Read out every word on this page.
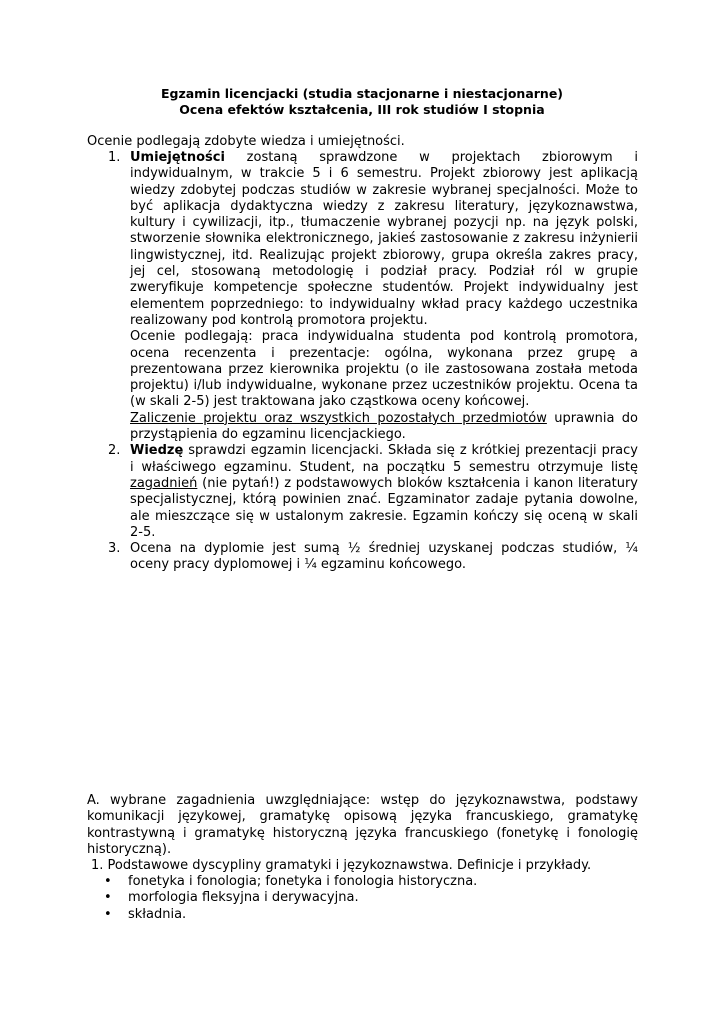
Egzamin licencjacki (studia stacjonarne i niestacjonarne)
Ocena efektów kształcenia, III rok studiów I stopnia
Ocenie podlegają zdobyte wiedza i umiejętności.
1. Umiejętności zostaną sprawdzone w projektach zbiorowym i indywidualnym, w trakcie 5 i 6 semestru. Projekt zbiorowy jest aplikacją wiedzy zdobytej podczas studiów w zakresie wybranej specjalności. Może to być aplikacja dydaktyczna wiedzy z zakresu literatury, językoznawstwa, kultury i cywilizacji, itp., tłumaczenie wybranej pozycji np. na język polski, stworzenie słownika elektronicznego, jakieś zastosowanie z zakresu inżynierii lingwistycznej, itd. Realizując projekt zbiorowy, grupa określa zakres pracy, jej cel, stosowaną metodologię i podział pracy. Podział ról w grupie zweryfikuje kompetencje społeczne studentów. Projekt indywidualny jest elementem poprzedniego: to indywidualny wkład pracy każdego uczestnika realizowany pod kontrolą promotora projektu.

Ocenie podlegają: praca indywidualna studenta pod kontrolą promotora, ocena recenzenta i prezentacje: ogólna, wykonana przez grupę a prezentowana przez kierownika projektu (o ile zastosowana została metoda projektu) i/lub indywidualne, wykonane przez uczestników projektu. Ocena ta (w skali 2-5) jest traktowana jako cząstkowa oceny końcowej.

Zaliczenie projektu oraz wszystkich pozostałych przedmiotów uprawnia do przystąpienia do egzaminu licencjackiego.

2. Wiedzę sprawdzi egzamin licencjacki. Składa się z krótkiej prezentacji pracy i właściwego egzaminu. Student, na początku 5 semestru otrzymuje listę zagadnień (nie pytań!) z podstawowych bloków kształcenia i kanon literatury specjalistycznej, którą powinien znać. Egzaminator zadaje pytania dowolne, ale mieszczące się w ustalonym zakresie. Egzamin kończy się oceną w skali 2-5.

3. Ocena na dyplomie jest sumą ½ średniej uzyskanej podczas studiów, ¼ oceny pracy dyplomowej i ¼ egzaminu końcowego.

A. wybrane zagadnienia uwzględniające: wstęp do językoznawstwa, podstawy komunikacji językowej, gramatykę opisową języka francuskiego, gramatykę kontrastywną i gramatykę historyczną języka francuskiego (fonetykę i fonologię historyczną).

1. Podstawowe dyscypliny gramatyki i językoznawstwa. Definicje i przykłady.

• fonetyka i fonologia; fonetyka i fonologia historyczna.
• morfologia fleksyjna i derywacyjna.
• składnia.
